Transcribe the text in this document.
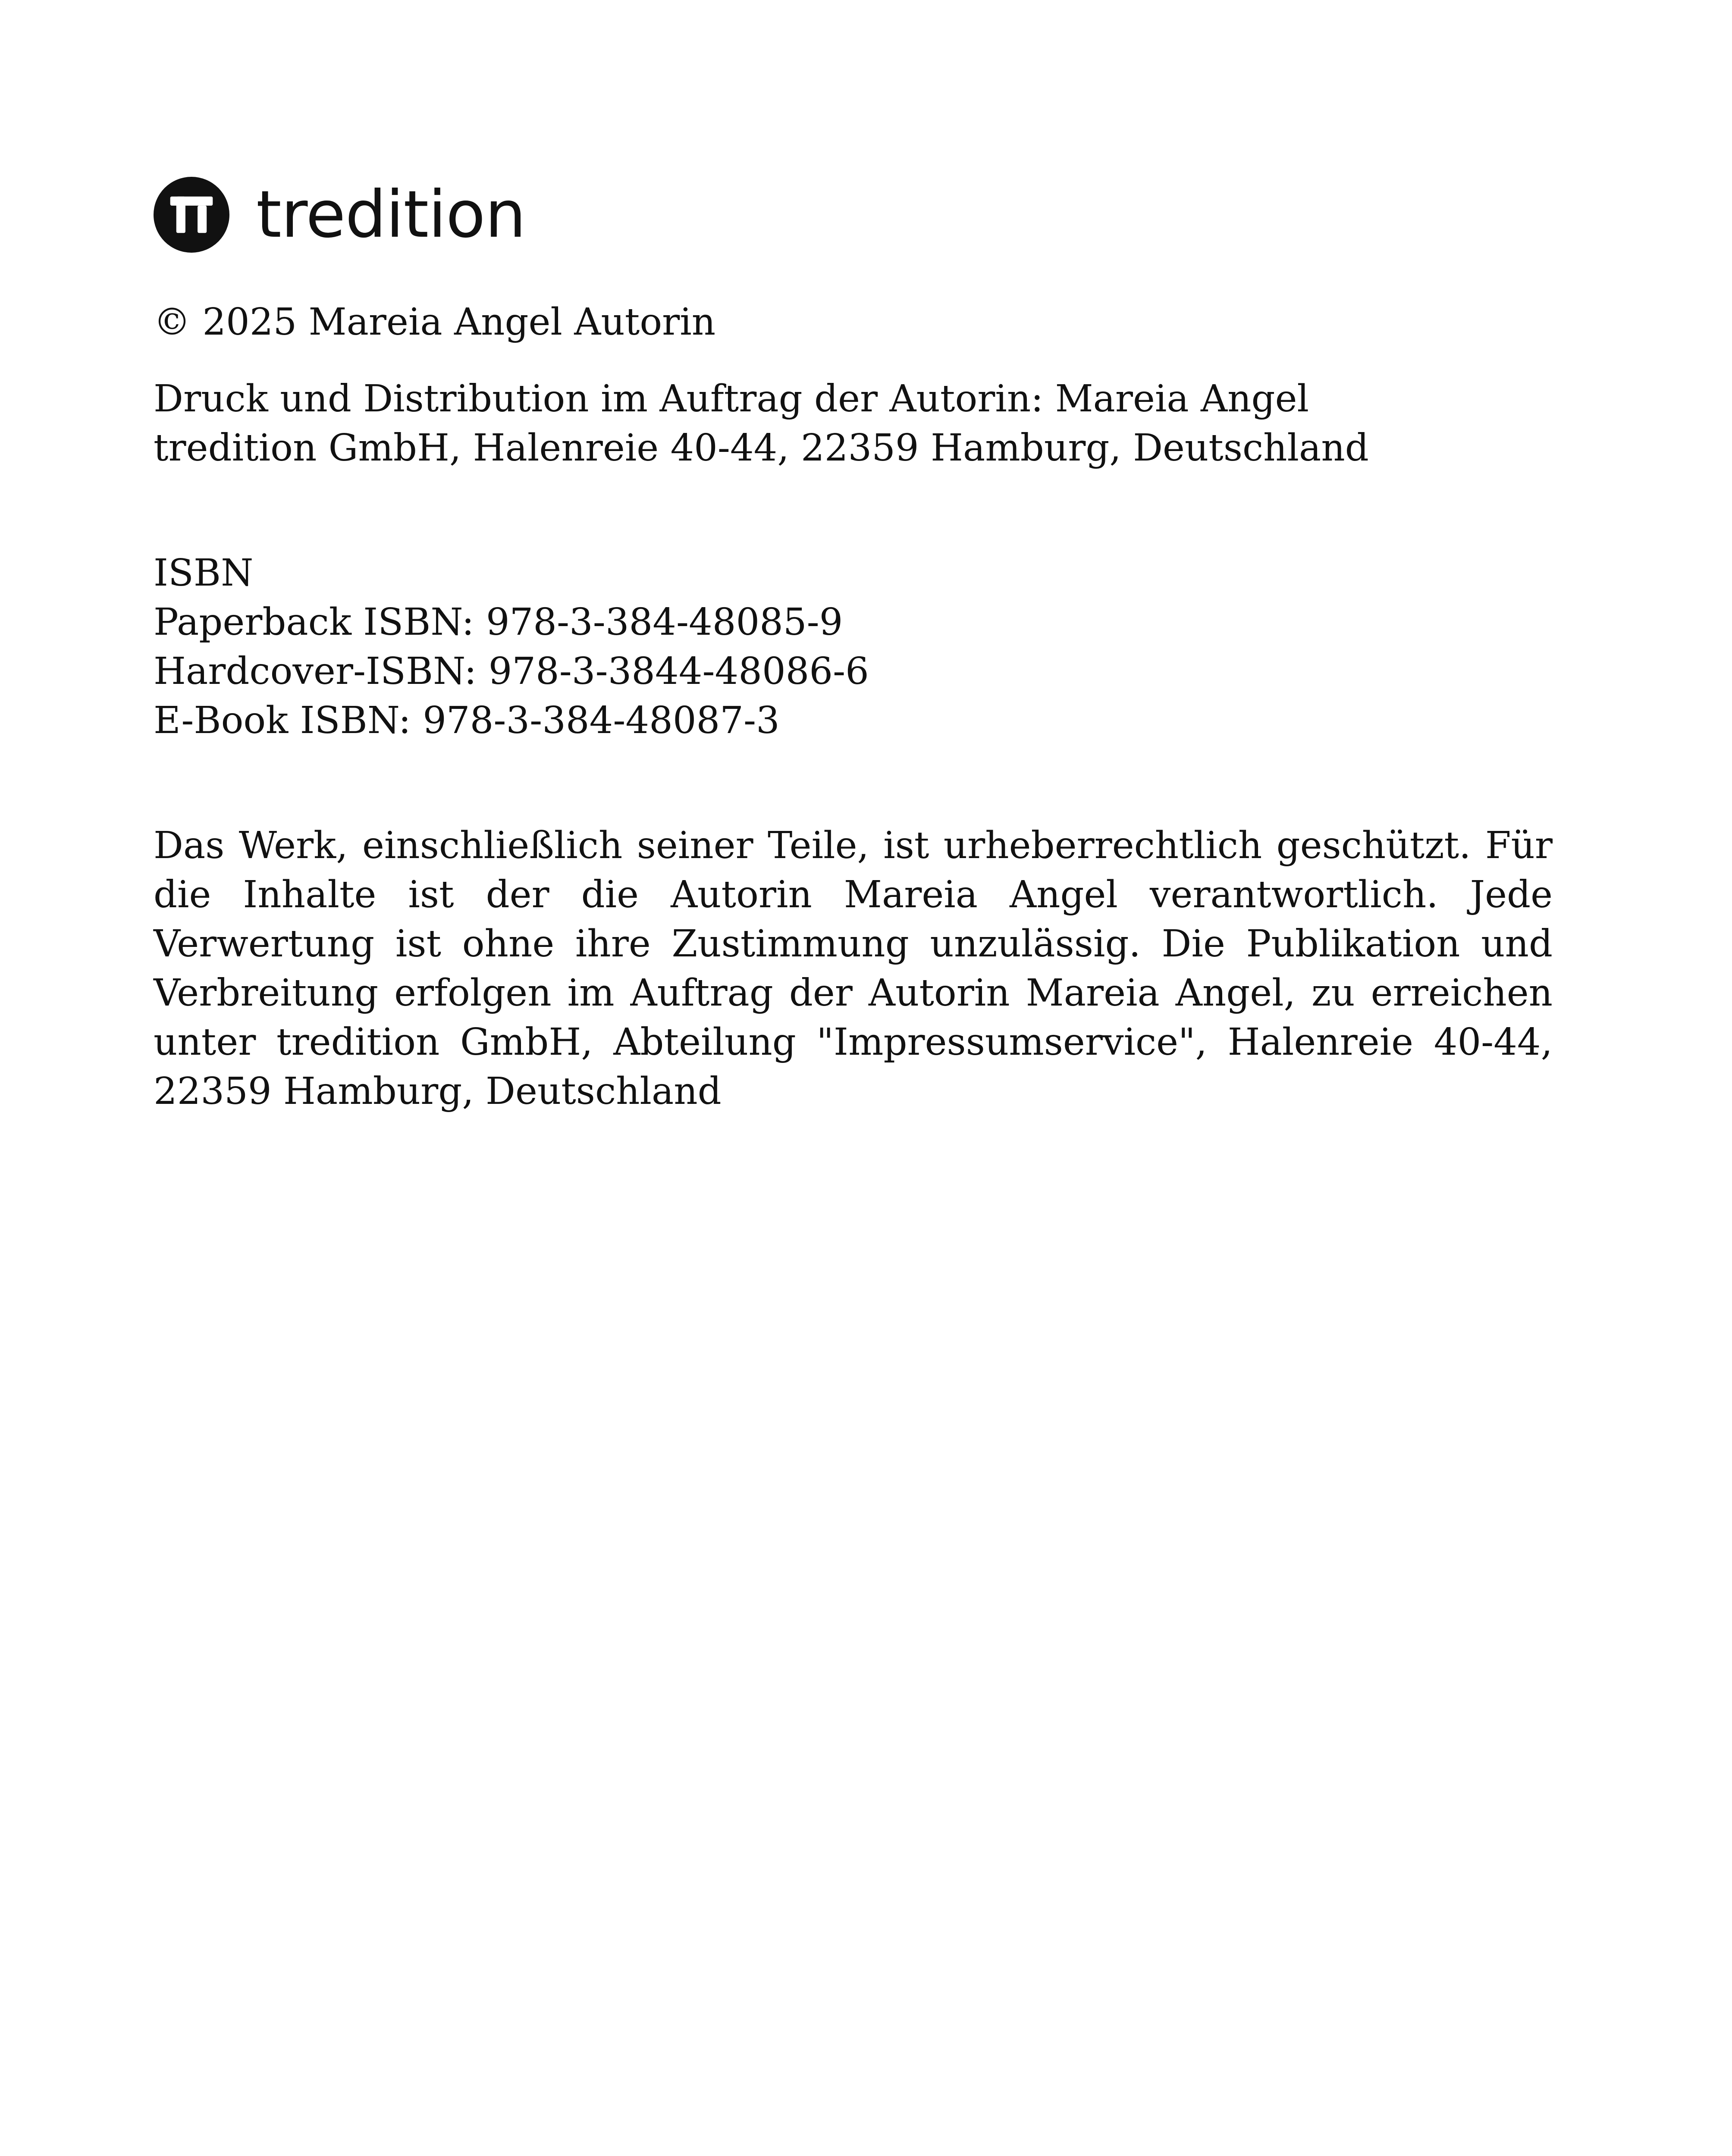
tredition
© 2025 Mareia Angel Autorin
Druck und Distribution im Auftrag der Autorin: Mareia Angel
tredition GmbH, Halenreie 40-44, 22359 Hamburg, Deutschland
ISBN
Paperback ISBN: 978-3-384-48085-9
Hardcover-ISBN: 978-3-3844-48086-6
E-Book ISBN: 978-3-384-48087-3

Das Werk, einschließlich seiner Teile, ist urheberrechtlich geschützt. Für die Inhalte ist der die Autorin Mareia Angel verantwortlich. Jede Verwertung ist ohne ihre Zustimmung unzulässig. Die Publikation und Verbreitung erfolgen im Auftrag der Autorin Mareia Angel, zu erreichen unter tredition GmbH, Abteilung "Impressumservice", Halenreie 40-44, 22359 Hamburg, Deutschland
